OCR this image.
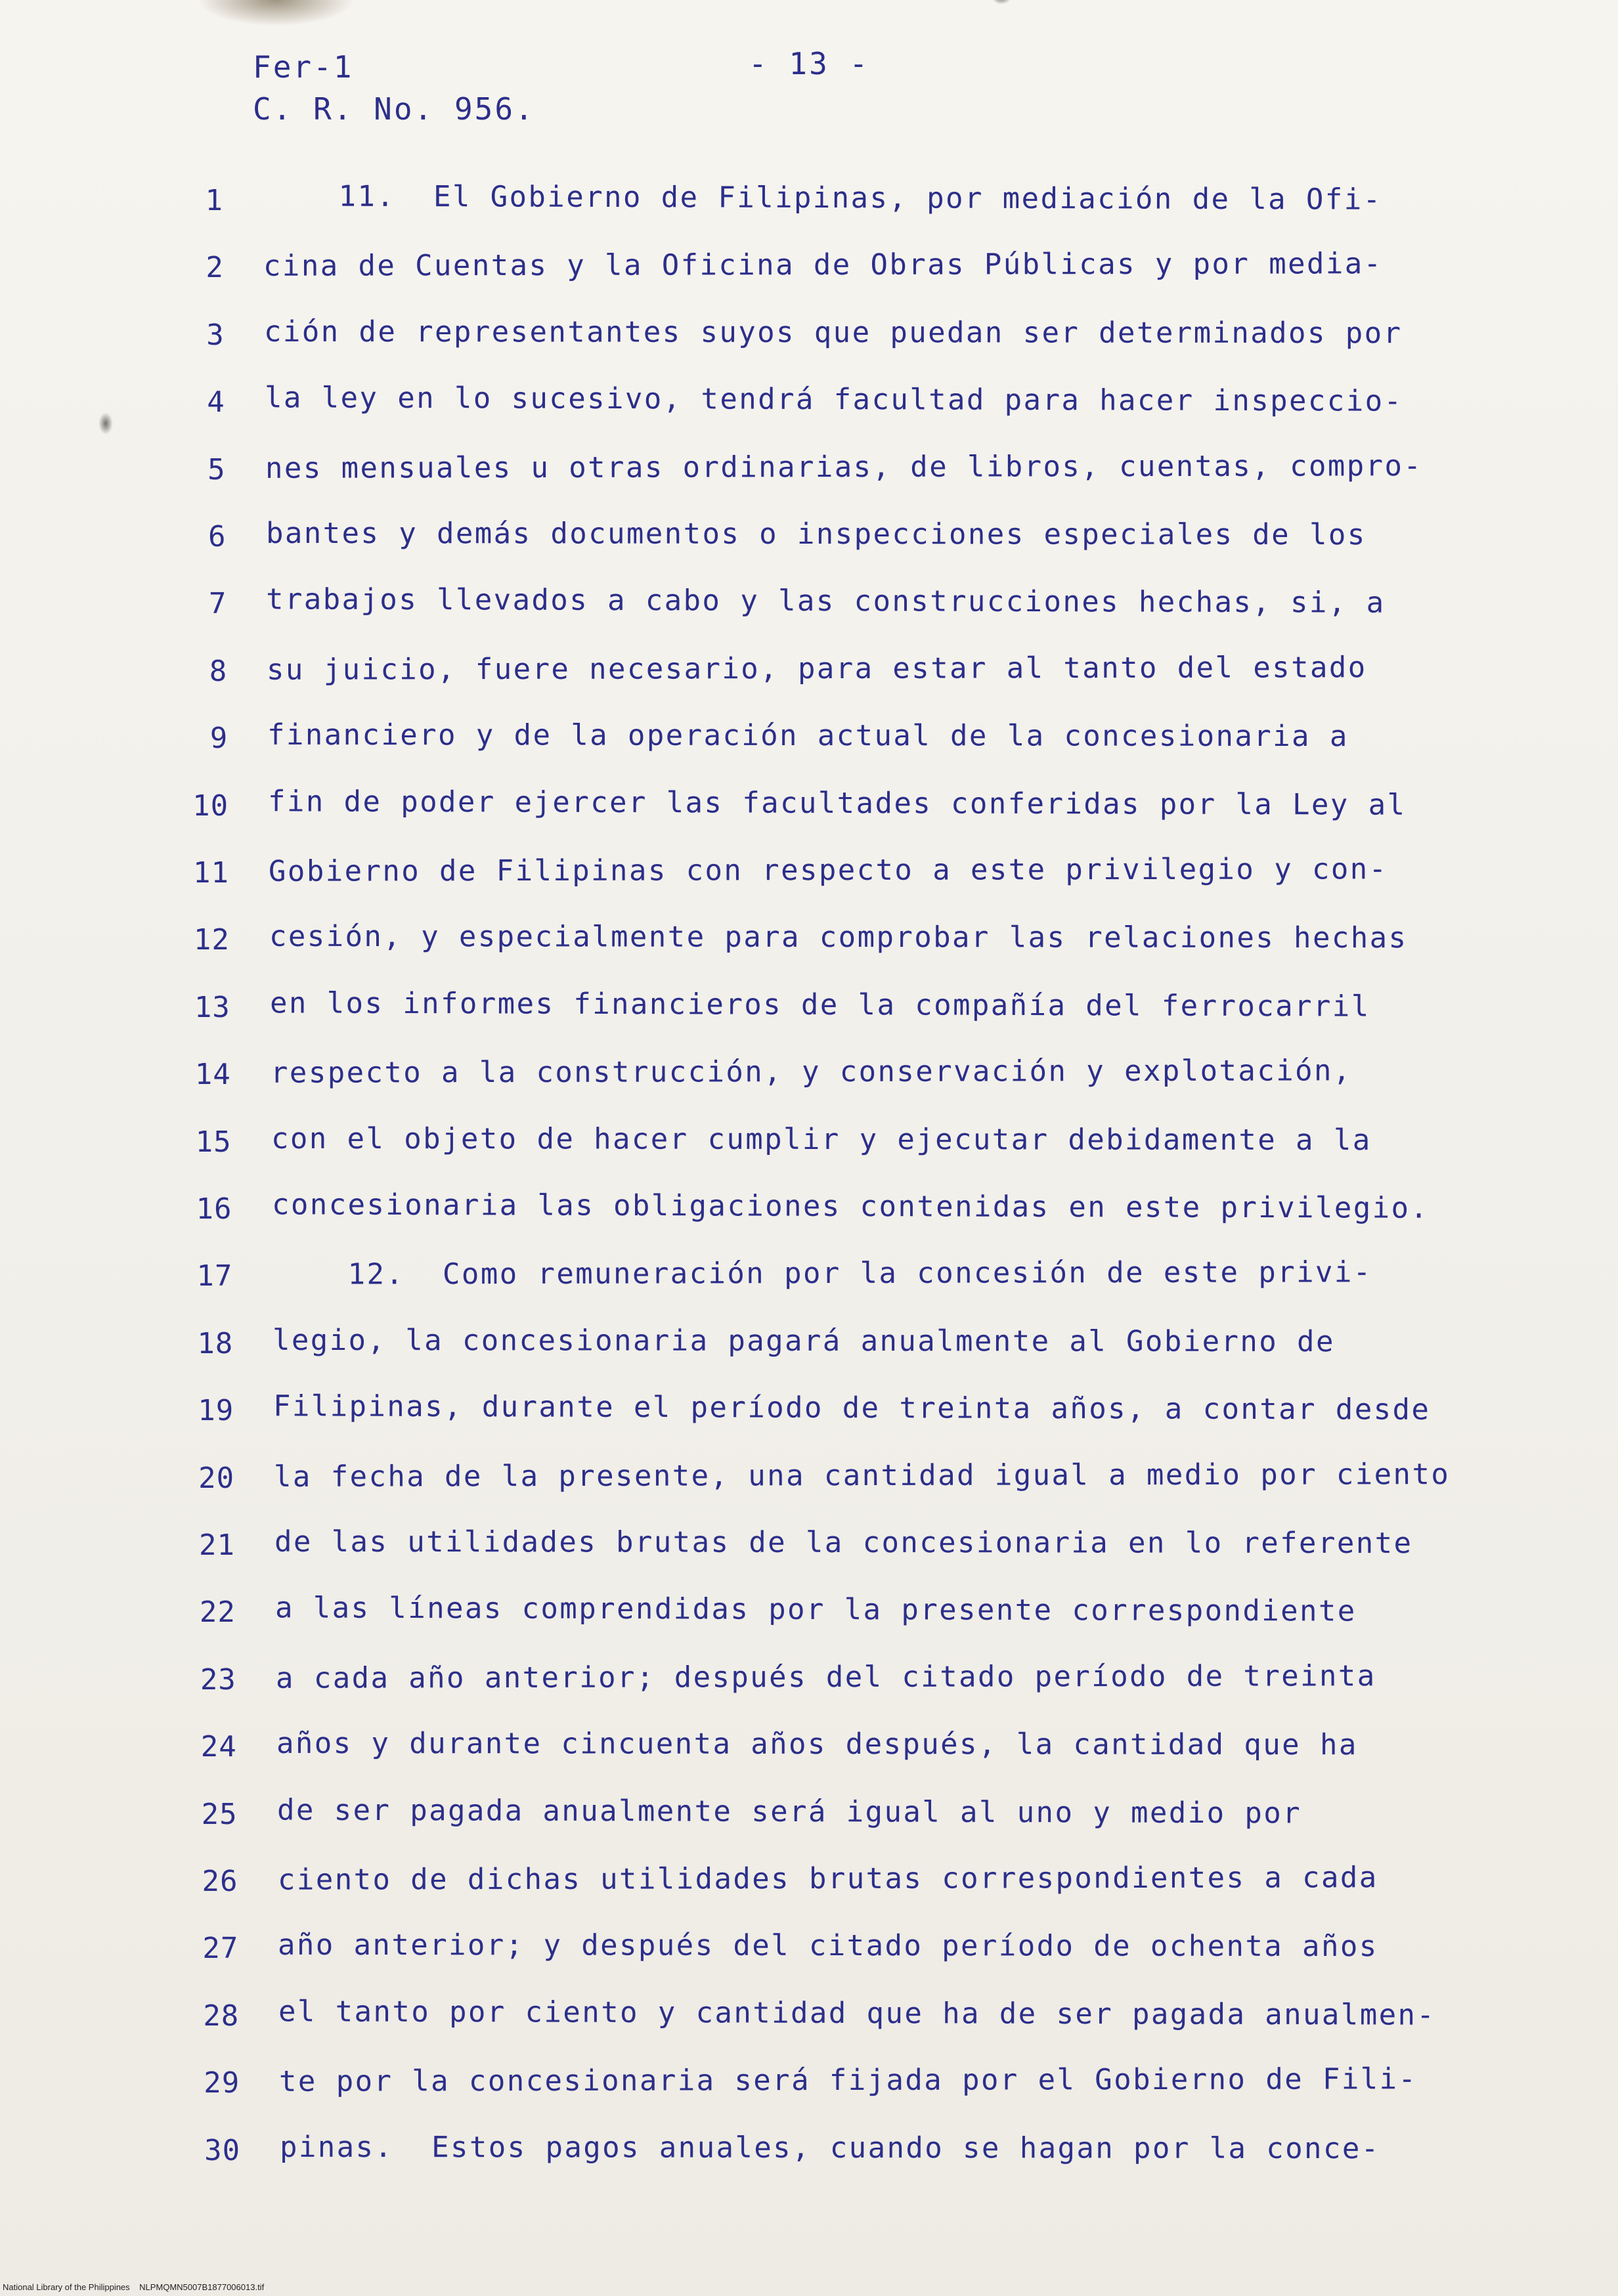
Fer-1
C. R. No. 956.
- 13 -
1 11.  El Gobierno de Filipinas, por mediación de la Ofi-
2 cina de Cuentas y la Oficina de Obras Públicas y por media-
3 ción de representantes suyos que puedan ser determinados por
4 la ley en lo sucesivo, tendrá facultad para hacer inspeccio-
5 nes mensuales u otras ordinarias, de libros, cuentas, compro-
6 bantes y demás documentos o inspecciones especiales de los
7 trabajos llevados a cabo y las construcciones hechas, si, a
8 su juicio, fuere necesario, para estar al tanto del estado
9 financiero y de la operación actual de la concesionaria a
10 fin de poder ejercer las facultades conferidas por la Ley al
11 Gobierno de Filipinas con respecto a este privilegio y con-
12 cesión, y especialmente para comprobar las relaciones hechas
13 en los informes financieros de la compañía del ferrocarril
14 respecto a la construcción, y conservación y explotación,
15 con el objeto de hacer cumplir y ejecutar debidamente a la
16 concesionaria las obligaciones contenidas en este privilegio.
17 12.  Como remuneración por la concesión de este privi-
18 legio, la concesionaria pagará anualmente al Gobierno de
19 Filipinas, durante el período de treinta años, a contar desde
20 la fecha de la presente, una cantidad igual a medio por ciento
21 de las utilidades brutas de la concesionaria en lo referente
22 a las líneas comprendidas por la presente correspondiente
23 a cada año anterior; después del citado período de treinta
24 años y durante cincuenta años después, la cantidad que ha
25 de ser pagada anualmente será igual al uno y medio por
26 ciento de dichas utilidades brutas correspondientes a cada
27 año anterior; y después del citado período de ochenta años
28 el tanto por ciento y cantidad que ha de ser pagada anualmen-
29 te por la concesionaria será fijada por el Gobierno de Fili-
30 pinas.  Estos pagos anuales, cuando se hagan por la conce-
National Library of the Philippines    NLPMQMN5007B1877006013.tif
